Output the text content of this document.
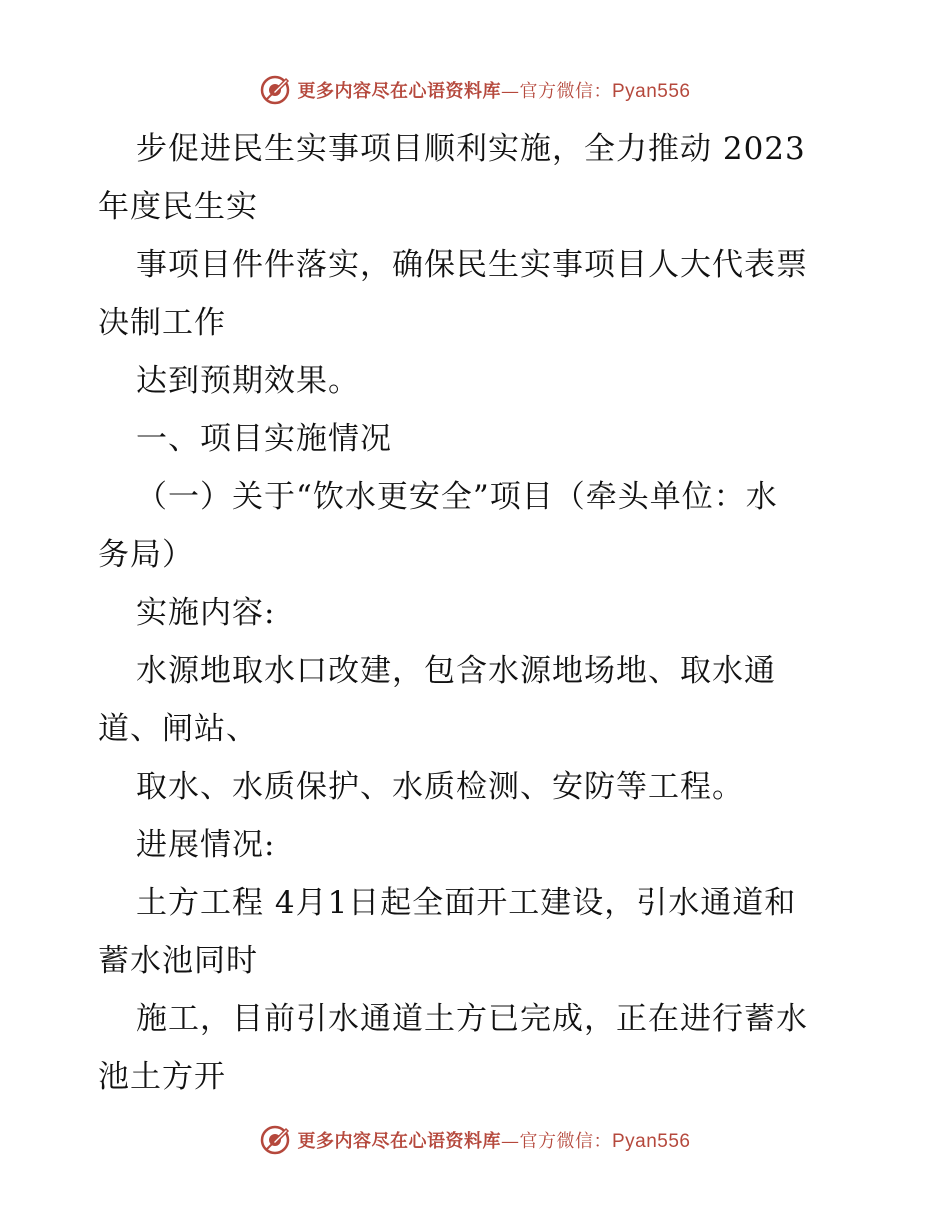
更多内容尽在心语资料库—官方微信：Pyan556
步促进民生实事项目顺利实施，全力推动 2023
年度民生实
事项目件件落实，确保民生实事项目人大代表票
决制工作
达到预期效果。
一、项目实施情况
（一）关于“饮水更安全”项目（牵头单位：水
务局）
实施内容:
水源地取水口改建，包含水源地场地、取水通
道、闸站、
取水、水质保护、水质检测、安防等工程。
进展情况:
土方工程 4月1日起全面开工建设，引水通道和
蓄水池同时
施工，目前引水通道土方已完成，正在进行蓄水
池土方开
更多内容尽在心语资料库—官方微信：Pyan556
